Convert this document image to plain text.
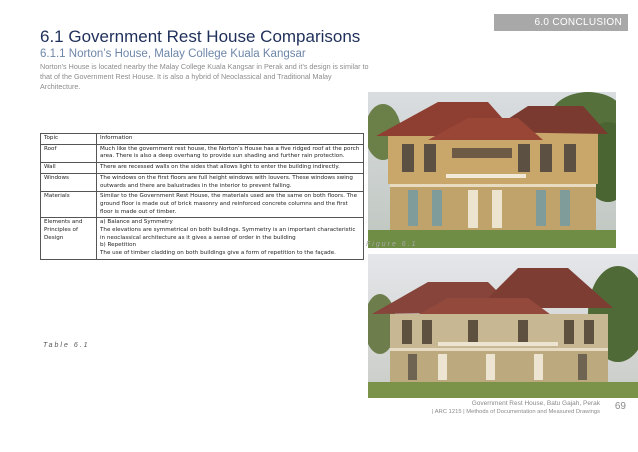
6.0 CONCLUSION
6.1 Government Rest House Comparisons
6.1.1 Norton’s House, Malay College Kuala Kangsar

Norton’s House is located nearby the Malay College Kuala Kangsar in Perak and it’s design is similar to that of the Government Rest House. It is also a hybrid of Neoclassical and Traditional Malay Architecture.

Topic	Information
Roof	Much like the government rest house, the Norton’s House has a five ridged roof at the porch area. There is also a deep overhang to provide sun shading and further rain protection.
Wall	There are recessed walls on the sides that allows light to enter the building indirectly.
Windows	The windows on the first floors are full height windows with louvers. These windows swing outwards and there are balustrades in the interior to prevent falling.
Materials	Similar to the Government Rest House, the materials used are the same on both floors. The ground floor is made out of brick masonry and reinforced concrete columns and the first floor is made out of timber.
Elements and Principles of Design	a) Balance and Symmetry
The elevations are symmetrical on both buildings. Symmetry is an important characteristic in neoclassical architecture as it gives a sense of order in the building
b) Repetition
The use of timber cladding on both buildings give a form of repetition to the façade.
Table 6.1
Figure 6.1
Government Rest House, Batu Gajah, Perak
| ARC 1215 | Methods of Documentation and Measured Drawings 69
